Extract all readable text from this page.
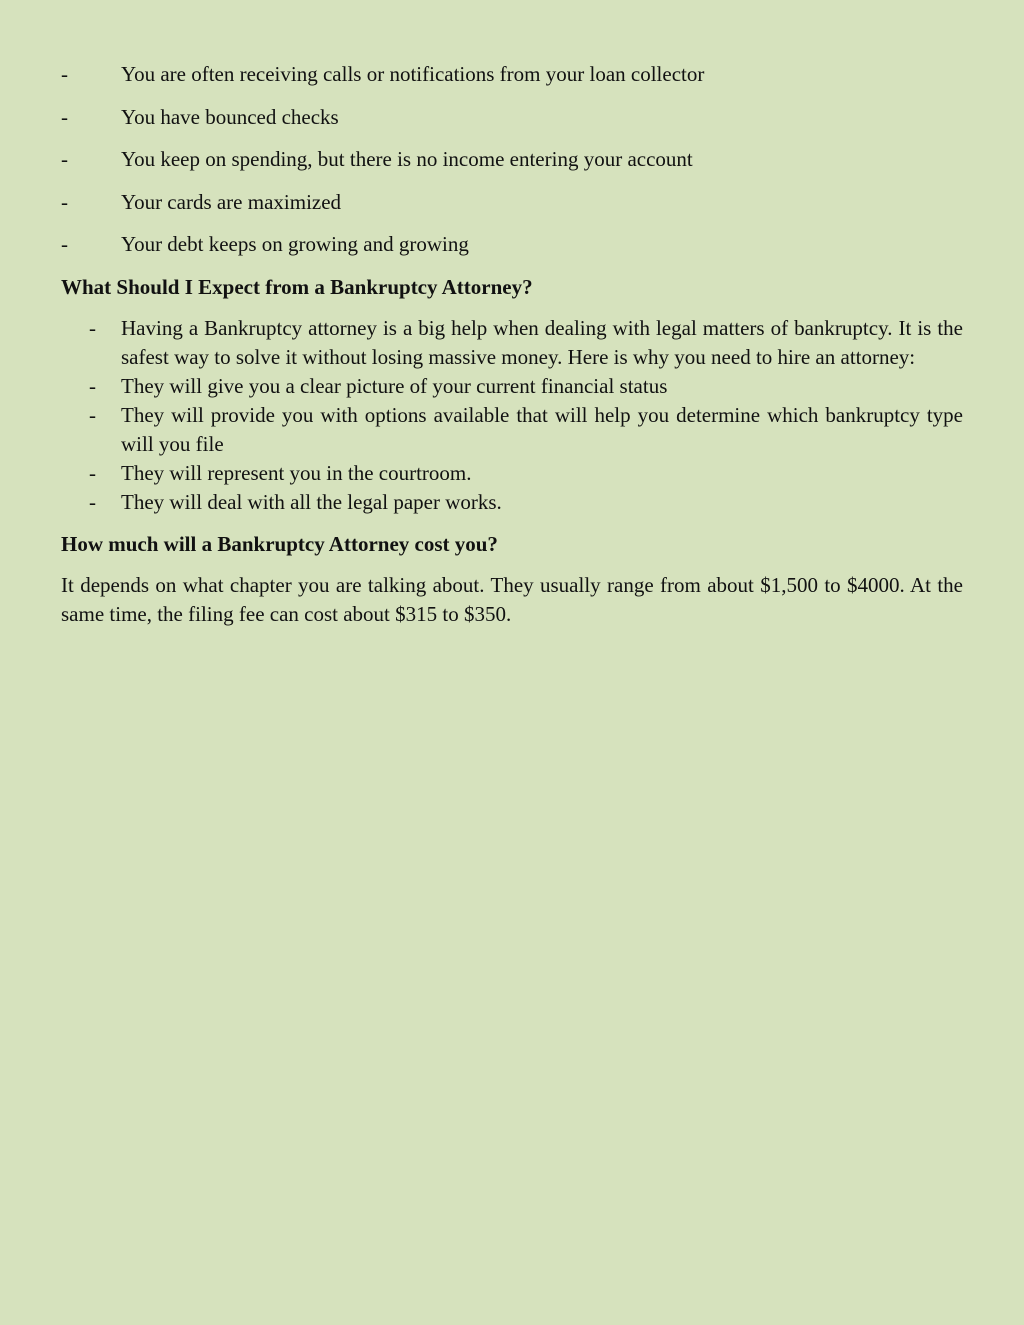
-	You are often receiving calls or notifications from your loan collector
-	You have bounced checks
-	You keep on spending, but there is no income entering your account
-	Your cards are maximized
-	Your debt keeps on growing and growing

What Should I Expect from a Bankruptcy Attorney?

- Having a Bankruptcy attorney is a big help when dealing with legal matters of bankruptcy. It is the safest way to solve it without losing massive money. Here is why you need to hire an attorney:
- They will give you a clear picture of your current financial status
- They will provide you with options available that will help you determine which bankruptcy type will you file
- They will represent you in the courtroom.
- They will deal with all the legal paper works.

How much will a Bankruptcy Attorney cost you?

It depends on what chapter you are talking about. They usually range from about $1,500 to $4000. At the same time, the filing fee can cost about $315 to $350.
